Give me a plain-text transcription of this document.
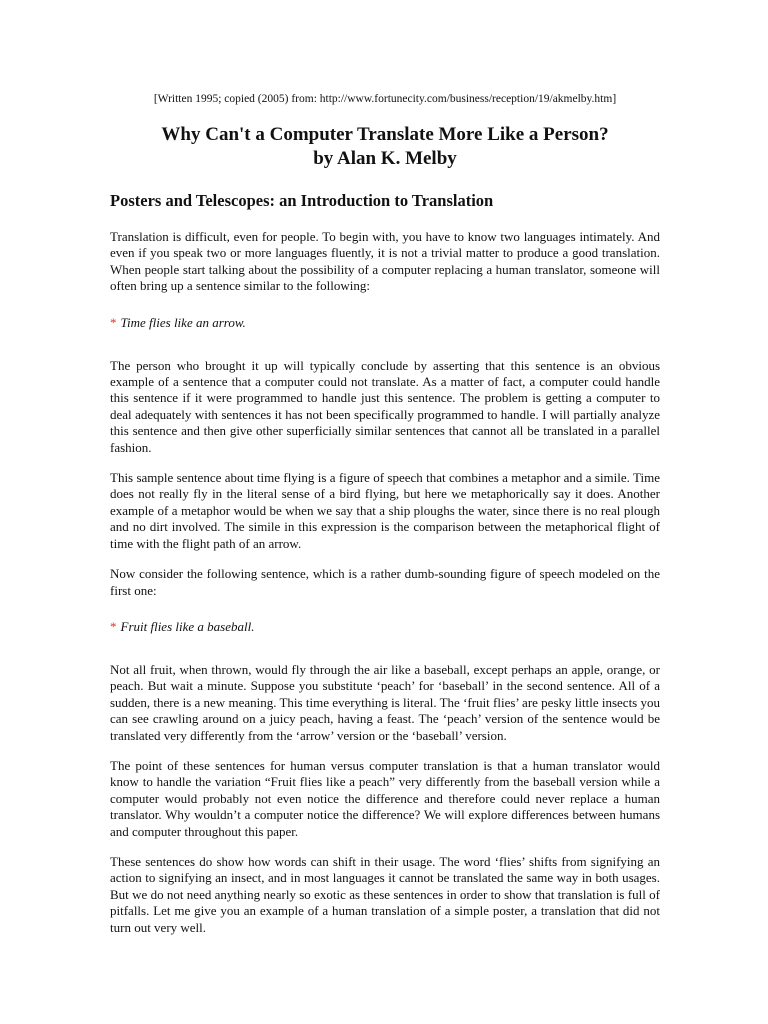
[Written 1995; copied (2005) from: http://www.fortunecity.com/business/reception/19/akmelby.htm]

Why Can't a Computer Translate More Like a Person?
by Alan K. Melby
Posters and Telescopes: an Introduction to Translation

Translation is difficult, even for people. To begin with, you have to know two languages intimately. And even if you speak two or more languages fluently, it is not a trivial matter to produce a good translation. When people start talking about the possibility of a computer replacing a human translator, someone will often bring up a sentence similar to the following:

* Time flies like an arrow.

The person who brought it up will typically conclude by asserting that this sentence is an obvious example of a sentence that a computer could not translate. As a matter of fact, a computer could handle this sentence if it were programmed to handle just this sentence. The problem is getting a computer to deal adequately with sentences it has not been specifically programmed to handle. I will partially analyze this sentence and then give other superficially similar sentences that cannot all be translated in a parallel fashion.

This sample sentence about time flying is a figure of speech that combines a metaphor and a simile. Time does not really fly in the literal sense of a bird flying, but here we metaphorically say it does. Another example of a metaphor would be when we say that a ship ploughs the water, since there is no real plough and no dirt involved. The simile in this expression is the comparison between the metaphorical flight of time with the flight path of an arrow.

Now consider the following sentence, which is a rather dumb-sounding figure of speech modeled on the first one:

* Fruit flies like a baseball.

Not all fruit, when thrown, would fly through the air like a baseball, except perhaps an apple, orange, or peach. But wait a minute. Suppose you substitute ‘peach’ for ‘baseball’ in the second sentence. All of a sudden, there is a new meaning. This time everything is literal. The ‘fruit flies’ are pesky little insects you can see crawling around on a juicy peach, having a feast. The ‘peach’ version of the sentence would be translated very differently from the ‘arrow’ version or the ‘baseball’ version.

The point of these sentences for human versus computer translation is that a human translator would know to handle the variation “Fruit flies like a peach” very differently from the baseball version while a computer would probably not even notice the difference and therefore could never replace a human translator. Why wouldn’t a computer notice the difference? We will explore differences between humans and computer throughout this paper.

These sentences do show how words can shift in their usage. The word ‘flies’ shifts from signifying an action to signifying an insect, and in most languages it cannot be translated the same way in both usages. But we do not need anything nearly so exotic as these sentences in order to show that translation is full of pitfalls. Let me give you an example of a human translation of a simple poster, a translation that did not turn out very well.
